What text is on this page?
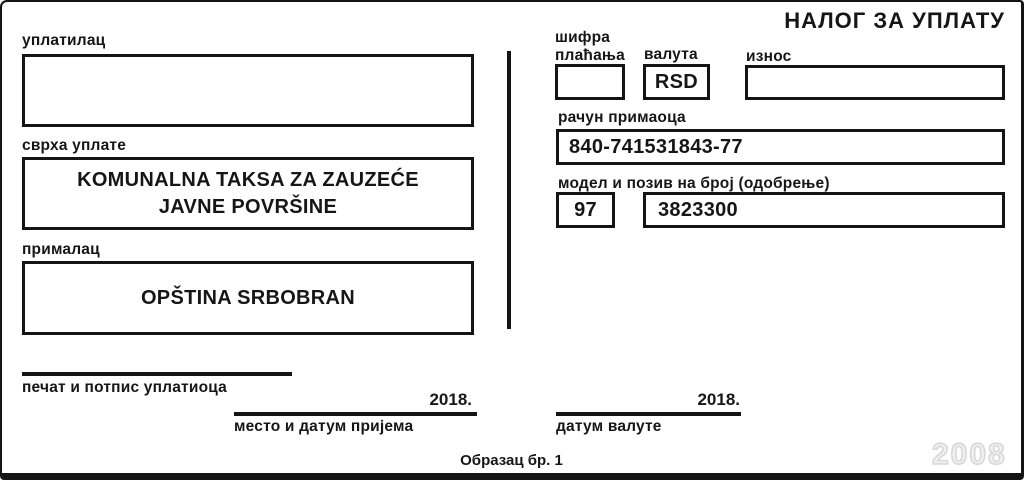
НАЛОГ ЗА УПЛАТУ
уплатилац
сврха уплате
KOMUNALNA TAKSA ZA ZAUZEĆE
JAVNE POVRŠINE
прималац
OPŠTINA SRBOBRAN
шифра
плаћања валута
RSD
износ
рачун примаоца
840-741531843-77
модел и позив на број (одобрење)
97	3823300
печат и потпис уплатиоца
2018.
место и датум пријема
2018.
датум валуте
Образац бр. 1	2008
